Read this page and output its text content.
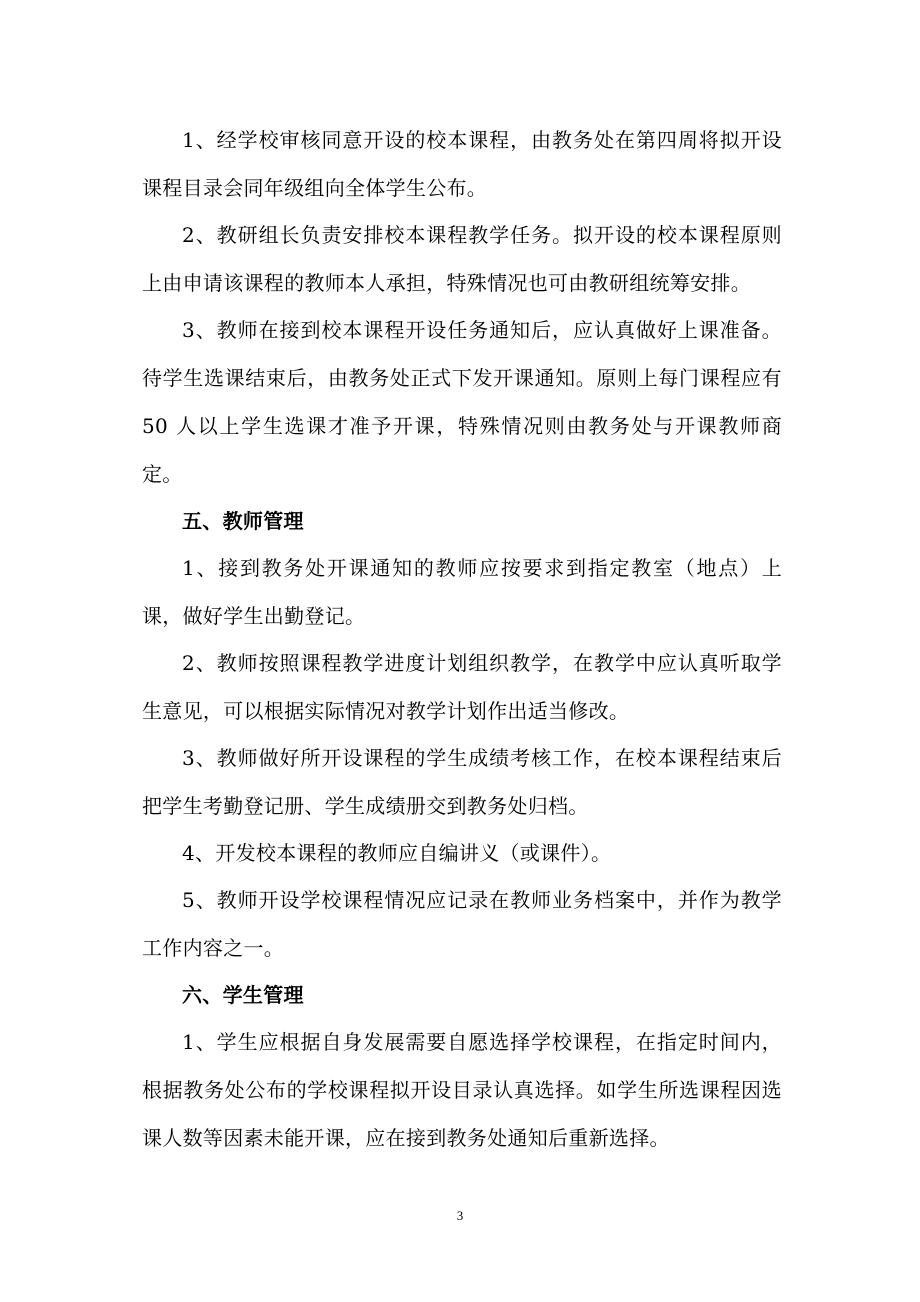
1、经学校审核同意开设的校本课程，由教务处在第四周将拟开设课程目录会同年级组向全体学生公布。

2、教研组长负责安排校本课程教学任务。拟开设的校本课程原则上由申请该课程的教师本人承担，特殊情况也可由教研组统筹安排。

3、教师在接到校本课程开设任务通知后，应认真做好上课准备。待学生选课结束后，由教务处正式下发开课通知。原则上每门课程应有 50 人以上学生选课才准予开课，特殊情况则由教务处与开课教师商定。

五、教师管理

1、接到教务处开课通知的教师应按要求到指定教室（地点）上课，做好学生出勤登记。

2、教师按照课程教学进度计划组织教学，在教学中应认真听取学生意见，可以根据实际情况对教学计划作出适当修改。

3、教师做好所开设课程的学生成绩考核工作，在校本课程结束后把学生考勤登记册、学生成绩册交到教务处归档。

4、开发校本课程的教师应自编讲义（或课件）。

5、教师开设学校课程情况应记录在教师业务档案中，并作为教学工作内容之一。

六、学生管理

1、学生应根据自身发展需要自愿选择学校课程，在指定时间内，根据教务处公布的学校课程拟开设目录认真选择。如学生所选课程因选课人数等因素未能开课，应在接到教务处通知后重新选择。

3
